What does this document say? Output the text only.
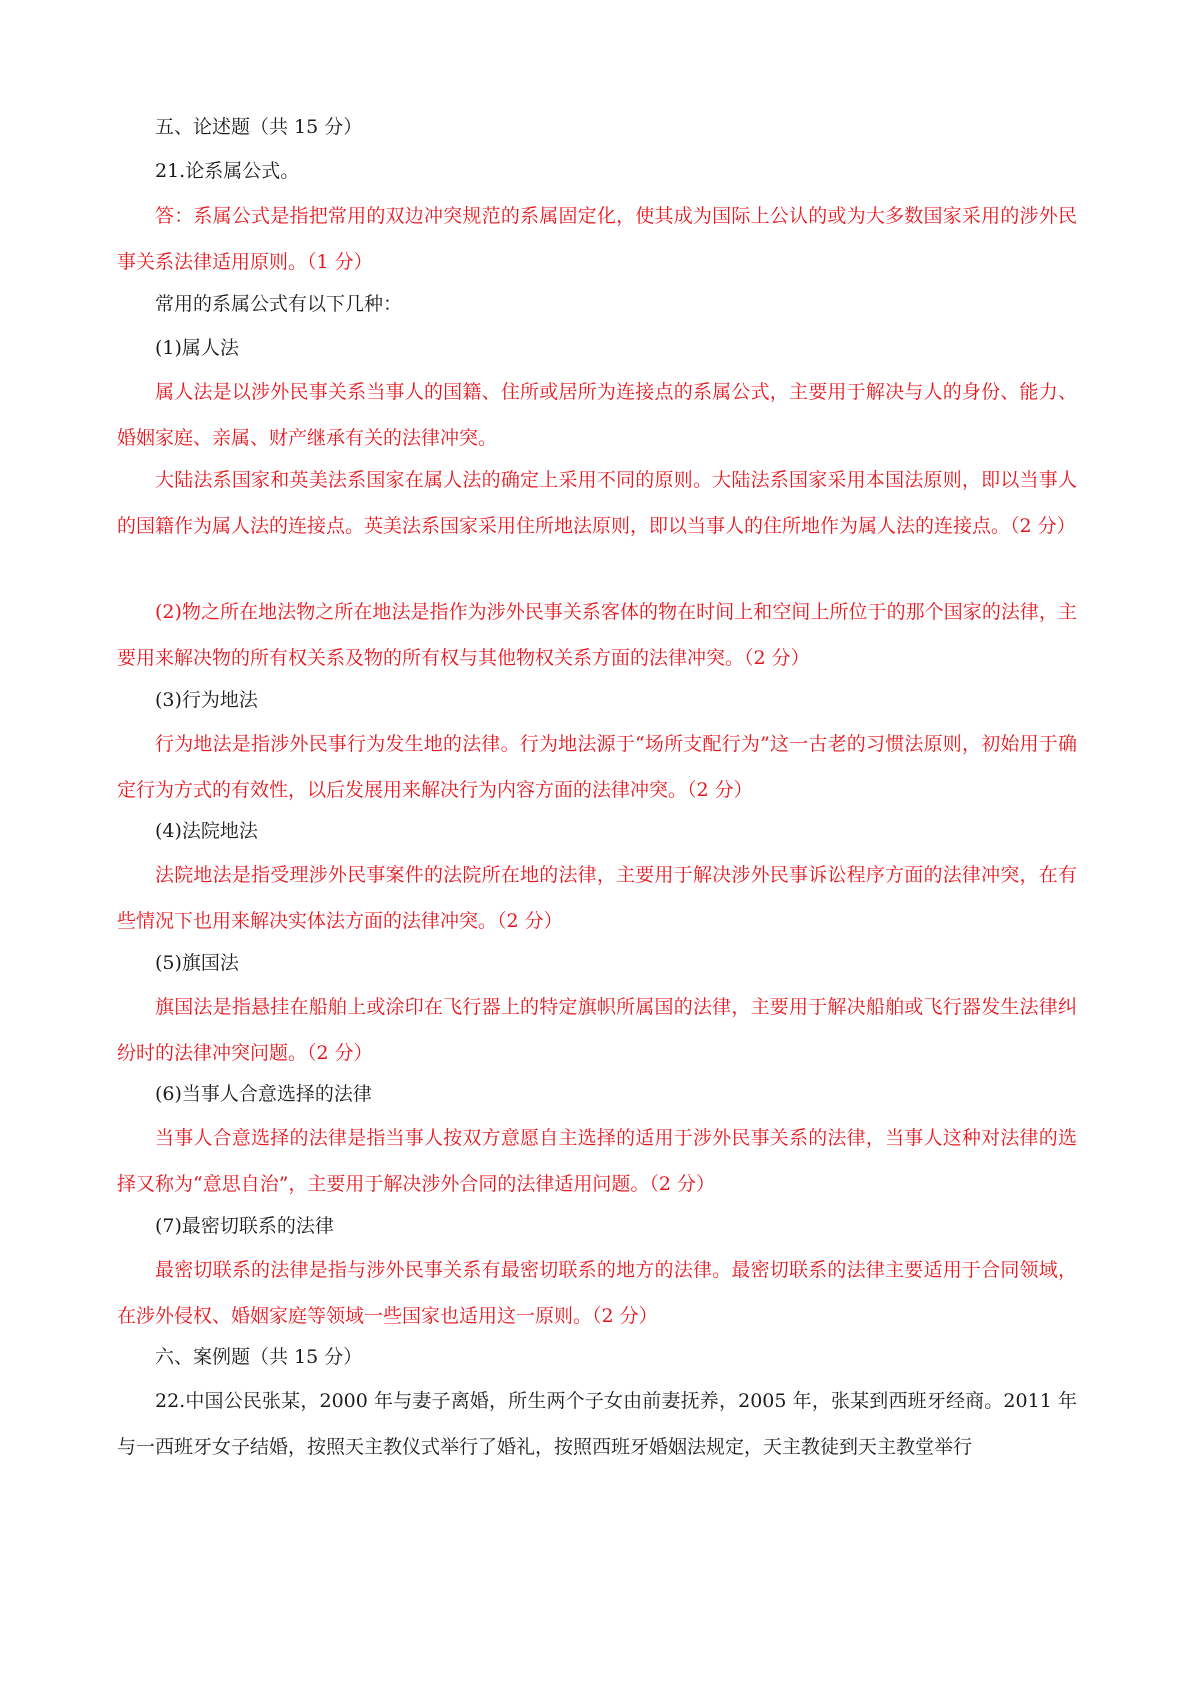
五、论述题（共 15 分）

21.论系属公式。

答：系属公式是指把常用的双边冲突规范的系属固定化，使其成为国际上公认的或为大多数国家采用的涉外民事关系法律适用原则。（1 分）

常用的系属公式有以下几种：

(1)属人法

属人法是以涉外民事关系当事人的国籍、住所或居所为连接点的系属公式，主要用于解决与人的身份、能力、婚姻家庭、亲属、财产继承有关的法律冲突。

大陆法系国家和英美法系国家在属人法的确定上采用不同的原则。大陆法系国家采用本国法原则，即以当事人的国籍作为属人法的连接点。英美法系国家采用住所地法原则，即以当事人的住所地作为属人法的连接点。（2 分）

(2)物之所在地法物之所在地法是指作为涉外民事关系客体的物在时间上和空间上所位于的那个国家的法律，主要用来解决物的所有权关系及物的所有权与其他物权关系方面的法律冲突。（2 分）

(3)行为地法

行为地法是指涉外民事行为发生地的法律。行为地法源于“场所支配行为”这一古老的习惯法原则，初始用于确定行为方式的有效性，以后发展用来解决行为内容方面的法律冲突。（2 分）

(4)法院地法

法院地法是指受理涉外民事案件的法院所在地的法律，主要用于解决涉外民事诉讼程序方面的法律冲突，在有些情况下也用来解决实体法方面的法律冲突。（2 分）

(5)旗国法

旗国法是指悬挂在船舶上或涂印在飞行器上的特定旗帜所属国的法律，主要用于解决船舶或飞行器发生法律纠纷时的法律冲突问题。（2 分）

(6)当事人合意选择的法律

当事人合意选择的法律是指当事人按双方意愿自主选择的适用于涉外民事关系的法律，当事人这种对法律的选择又称为“意思自治”，主要用于解决涉外合同的法律适用问题。（2 分）

(7)最密切联系的法律

最密切联系的法律是指与涉外民事关系有最密切联系的地方的法律。最密切联系的法律主要适用于合同领域，在涉外侵权、婚姻家庭等领域一些国家也适用这一原则。（2 分）

六、案例题（共 15 分）

22.中国公民张某，2000 年与妻子离婚，所生两个子女由前妻抚养，2005 年，张某到西班牙经商。2011 年与一西班牙女子结婚，按照天主教仪式举行了婚礼，按照西班牙婚姻法规定，天主教徒到天主教堂举行
